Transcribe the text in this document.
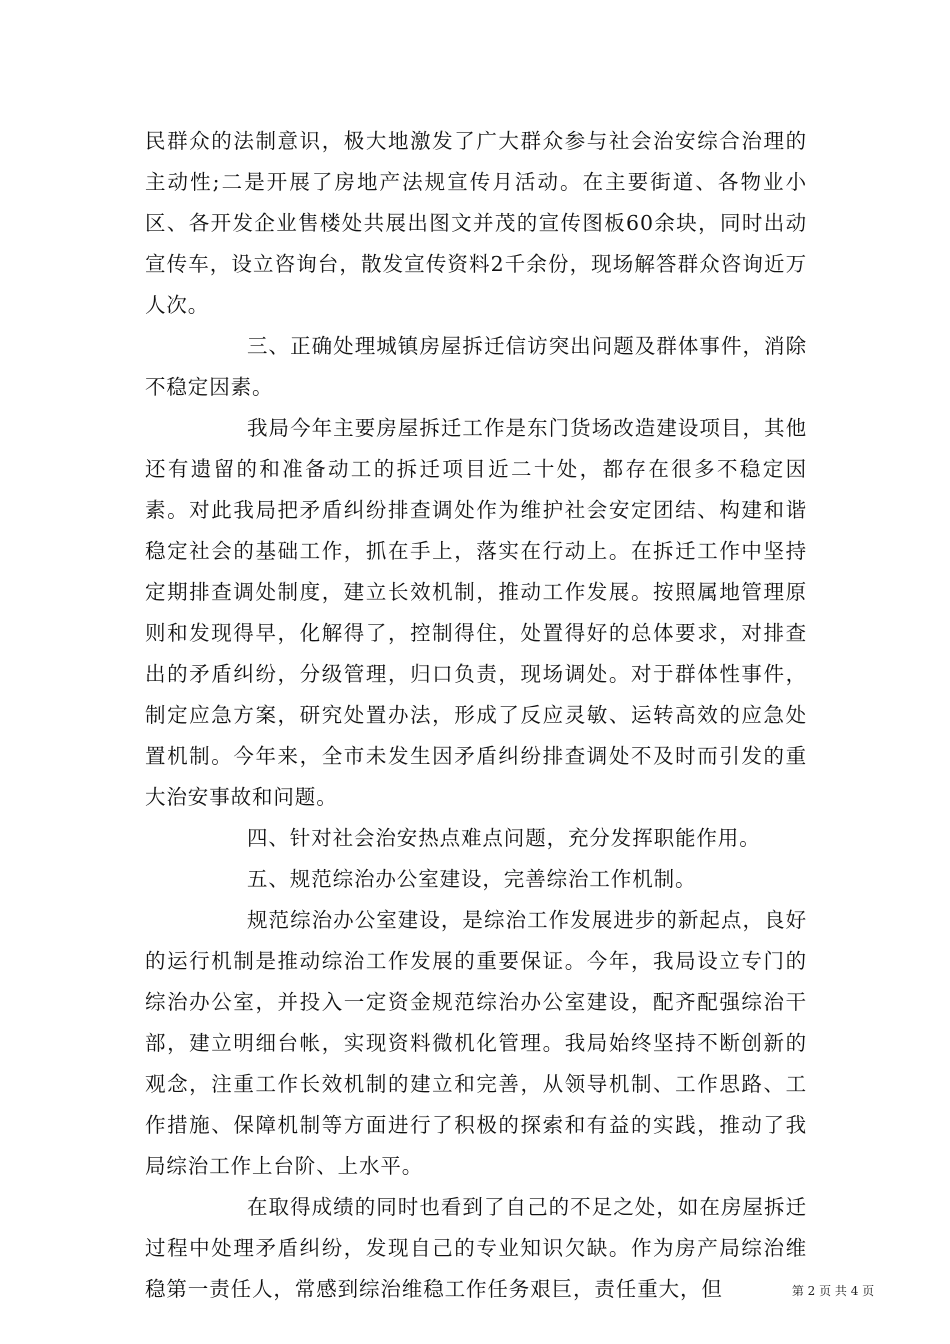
民群众的法制意识，极大地激发了广大群众参与社会治安综合治理的主动性;二是开展了房地产法规宣传月活动。在主要街道、各物业小区、各开发企业售楼处共展出图文并茂的宣传图板60余块，同时出动宣传车，设立咨询台，散发宣传资料2千余份，现场解答群众咨询近万人次。

三、正确处理城镇房屋拆迁信访突出问题及群体事件，消除不稳定因素。

我局今年主要房屋拆迁工作是东门货场改造建设项目，其他还有遗留的和准备动工的拆迁项目近二十处，都存在很多不稳定因素。对此我局把矛盾纠纷排查调处作为维护社会安定团结、构建和谐稳定社会的基础工作，抓在手上，落实在行动上。在拆迁工作中坚持定期排查调处制度，建立长效机制，推动工作发展。按照属地管理原则和发现得早，化解得了，控制得住，处置得好的总体要求，对排查出的矛盾纠纷，分级管理，归口负责，现场调处。对于群体性事件，制定应急方案，研究处置办法，形成了反应灵敏、运转高效的应急处置机制。今年来，全市未发生因矛盾纠纷排查调处不及时而引发的重大治安事故和问题。

四、针对社会治安热点难点问题，充分发挥职能作用。

五、规范综治办公室建设，完善综治工作机制。

规范综治办公室建设，是综治工作发展进步的新起点，良好的运行机制是推动综治工作发展的重要保证。今年，我局设立专门的综治办公室，并投入一定资金规范综治办公室建设，配齐配强综治干部，建立明细台帐，实现资料微机化管理。我局始终坚持不断创新的观念，注重工作长效机制的建立和完善，从领导机制、工作思路、工作措施、保障机制等方面进行了积极的探索和有益的实践，推动了我局综治工作上台阶、上水平。

在取得成绩的同时也看到了自己的不足之处，如在房屋拆迁过程中处理矛盾纠纷，发现自己的专业知识欠缺。作为房产局综治维稳第一责任人，常感到综治维稳工作任务艰巨，责任重大，但	第 2 页 共 4 页
